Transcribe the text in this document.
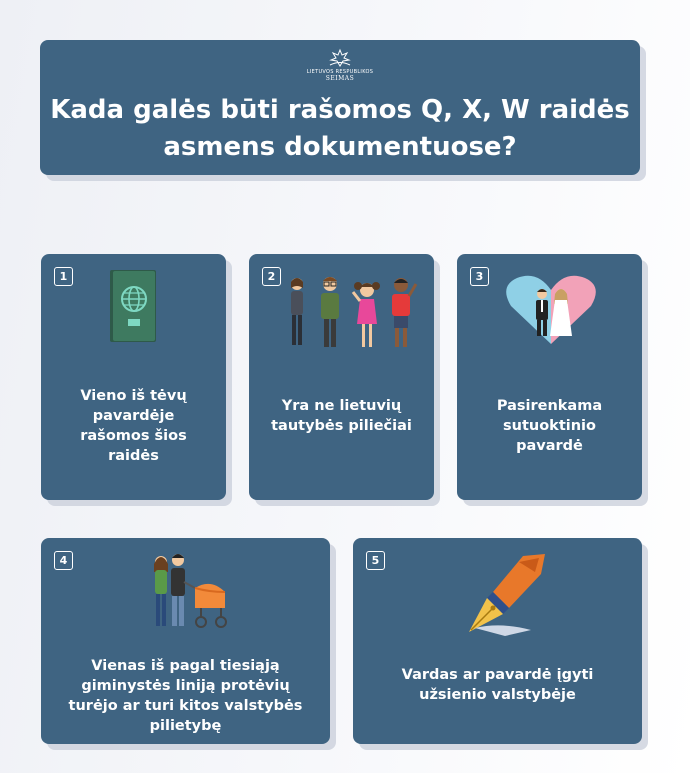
LIETUVOS RESPUBLIKOS
SEIMAS
Kada galės būti rašomos Q, X, W raidės
asmens dokumentuose?
1
Vieno iš tėvų pavardėje rašomos šios raidės
2
Yra ne lietuvių tautybės piliečiai
3
Pasirenkama sutuoktinio pavardė
4
Vienas iš pagal tiesiąją giminystės liniją protėvių turėjo ar turi kitos valstybės pilietybę
5
Vardas ar pavardė įgyti užsienio valstybėje
